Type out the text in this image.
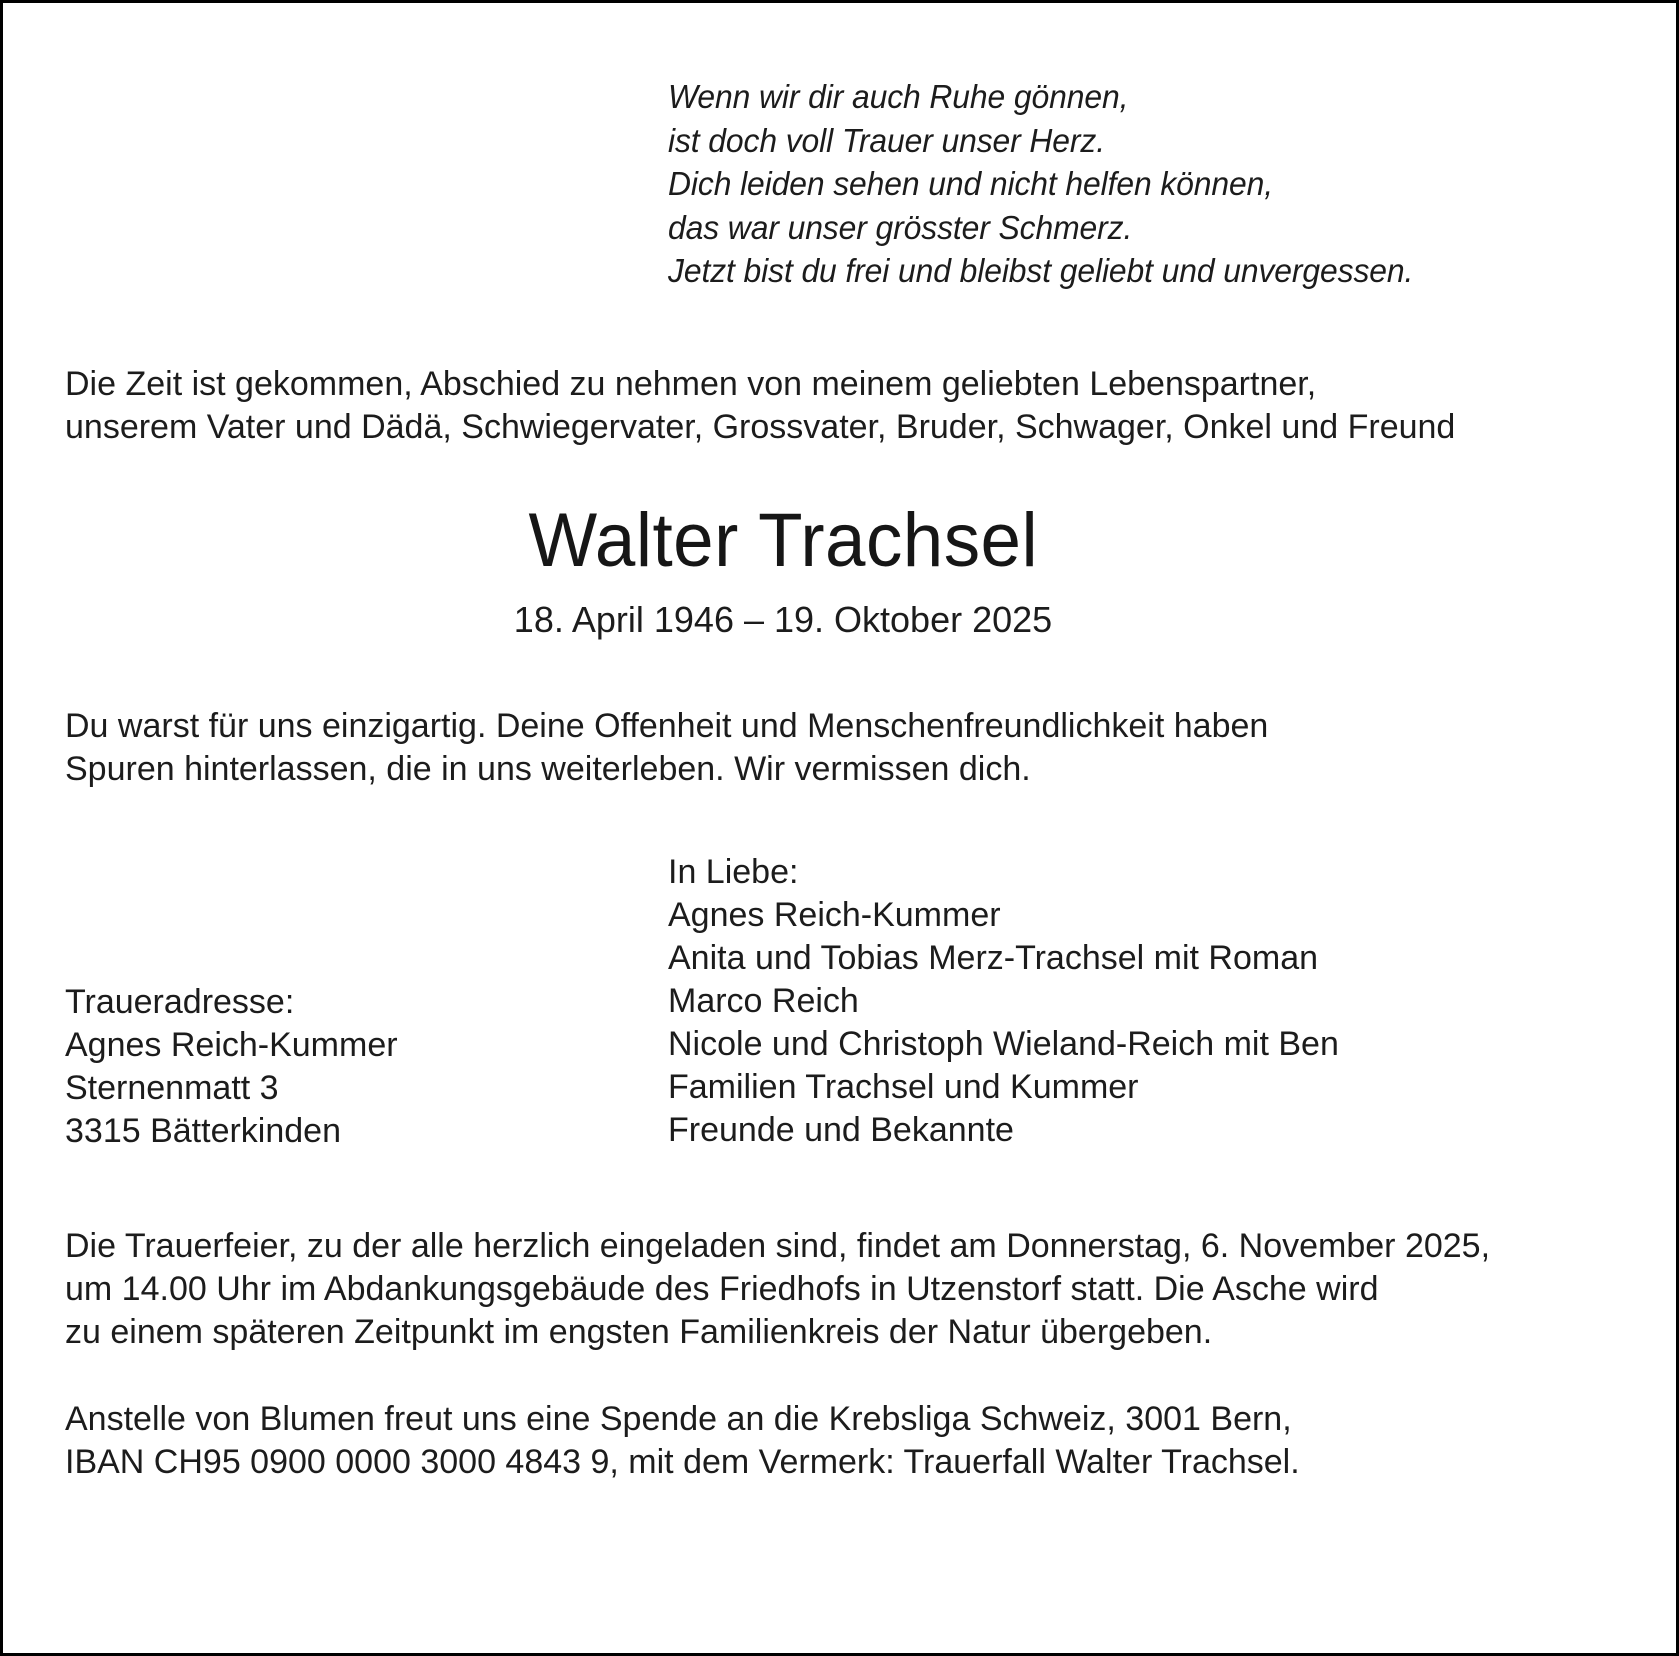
Wenn wir dir auch Ruhe gönnen,
ist doch voll Trauer unser Herz.
Dich leiden sehen und nicht helfen können,
das war unser grösster Schmerz.
Jetzt bist du frei und bleibst geliebt und unvergessen.
Die Zeit ist gekommen, Abschied zu nehmen von meinem geliebten Lebenspartner,
unserem Vater und Dädä, Schwiegervater, Grossvater, Bruder, Schwager, Onkel und Freund
Walter Trachsel
18. April 1946 – 19. Oktober 2025
Du warst für uns einzigartig. Deine Offenheit und Menschenfreundlichkeit haben
Spuren hinterlassen, die in uns weiterleben. Wir vermissen dich.
Traueradresse:
Agnes Reich-Kummer
Sternenmatt 3
3315 Bätterkinden
In Liebe:
Agnes Reich-Kummer
Anita und Tobias Merz-Trachsel mit Roman
Marco Reich
Nicole und Christoph Wieland-Reich mit Ben
Familien Trachsel und Kummer
Freunde und Bekannte
Die Trauerfeier, zu der alle herzlich eingeladen sind, findet am Donnerstag, 6. November 2025,
um 14.00 Uhr im Abdankungsgebäude des Friedhofs in Utzenstorf statt. Die Asche wird
zu einem späteren Zeitpunkt im engsten Familienkreis der Natur übergeben.
Anstelle von Blumen freut uns eine Spende an die Krebsliga Schweiz, 3001 Bern,
IBAN CH95 0900 0000 3000 4843 9, mit dem Vermerk: Trauerfall Walter Trachsel.
